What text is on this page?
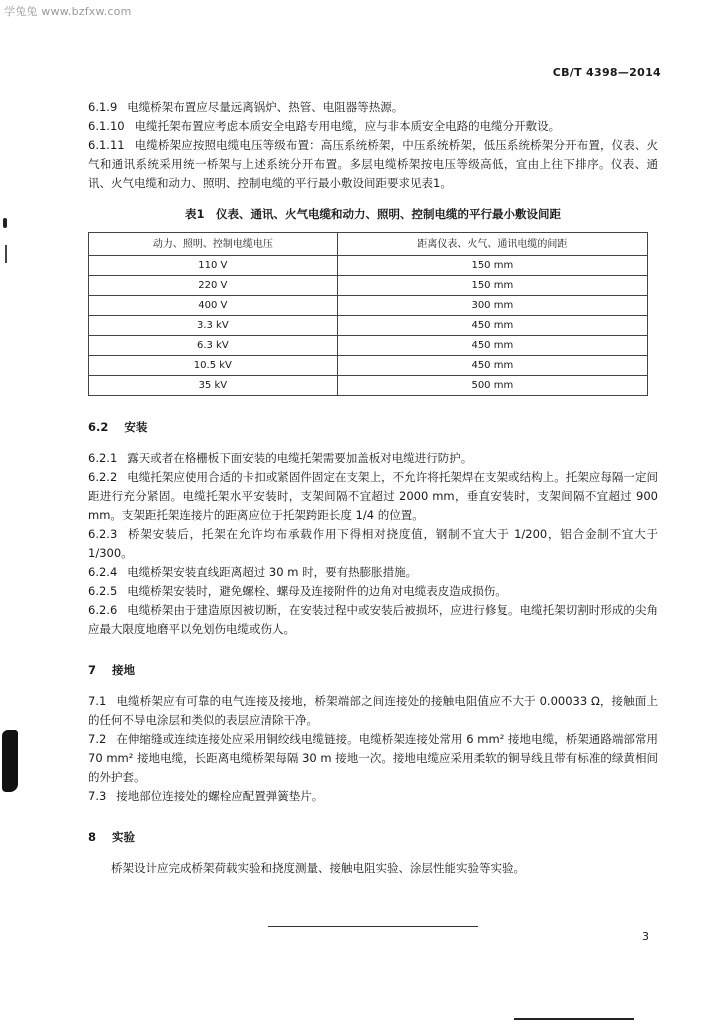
学兔兔 www.bzfxw.com
CB/T 4398—2014

6.1.9 电缆桥架布置应尽量远离锅炉、热管、电阻器等热源。

6.1.10 电缆托架布置应考虑本质安全电路专用电缆，应与非本质安全电路的电缆分开敷设。

6.1.11 电缆桥架应按照电缆电压等级布置：高压系统桥架，中压系统桥架，低压系统桥架分开布置，仪表、火气和通讯系统采用统一桥架与上述系统分开布置。多层电缆桥架按电压等级高低，宜由上往下排序。仪表、通讯、火气电缆和动力、照明、控制电缆的平行最小敷设间距要求见表1。

表1　仪表、通讯、火气电缆和动力、照明、控制电缆的平行最小敷设间距
动力、照明、控制电缆电压	距离仪表、火气、通讯电缆的间距
110 V	150 mm
220 V	150 mm
400 V	300 mm
3.3 kV	450 mm
6.3 kV	450 mm
10.5 kV	450 mm
35 kV	500 mm
6.2 安装

6.2.1 露天或者在格栅板下面安装的电缆托架需要加盖板对电缆进行防护。

6.2.2 电缆托架应使用合适的卡扣或紧固件固定在支架上，不允许将托架焊在支架或结构上。托架应每隔一定间距进行充分紧固。电缆托架水平安装时，支架间隔不宜超过 2000 mm，垂直安装时，支架间隔不宜超过 900 mm。支架距托架连接片的距离应位于托架跨距长度 1/4 的位置。

6.2.3 桥架安装后，托架在允许均布承载作用下得相对挠度值，钢制不宜大于 1/200，铝合金制不宜大于 1/300。

6.2.4 电缆桥架安装直线距离超过 30 m 时，要有热膨胀措施。

6.2.5 电缆桥架安装时，避免螺栓、螺母及连接附件的边角对电缆表皮造成损伤。

6.2.6 电缆桥架由于建造原因被切断，在安装过程中或安装后被损坏，应进行修复。电缆托架切割时形成的尖角应最大限度地磨平以免划伤电缆或伤人。

7 接地

7.1 电缆桥架应有可靠的电气连接及接地，桥架端部之间连接处的接触电阻值应不大于 0.00033 Ω，接触面上的任何不导电涂层和类似的表层应清除干净。

7.2 在伸缩缝或连续连接处应采用铜绞线电缆链接。电缆桥架连接处常用 6 mm² 接地电缆，桥架通路端部常用 70 mm² 接地电缆，长距离电缆桥架每隔 30 m 接地一次。接地电缆应采用柔软的铜导线且带有标准的绿黄相间的外护套。

7.3 接地部位连接处的螺栓应配置弹簧垫片。

8 实验

桥架设计应完成桥架荷载实验和挠度测量、接触电阻实验、涂层性能实验等实验。

3
